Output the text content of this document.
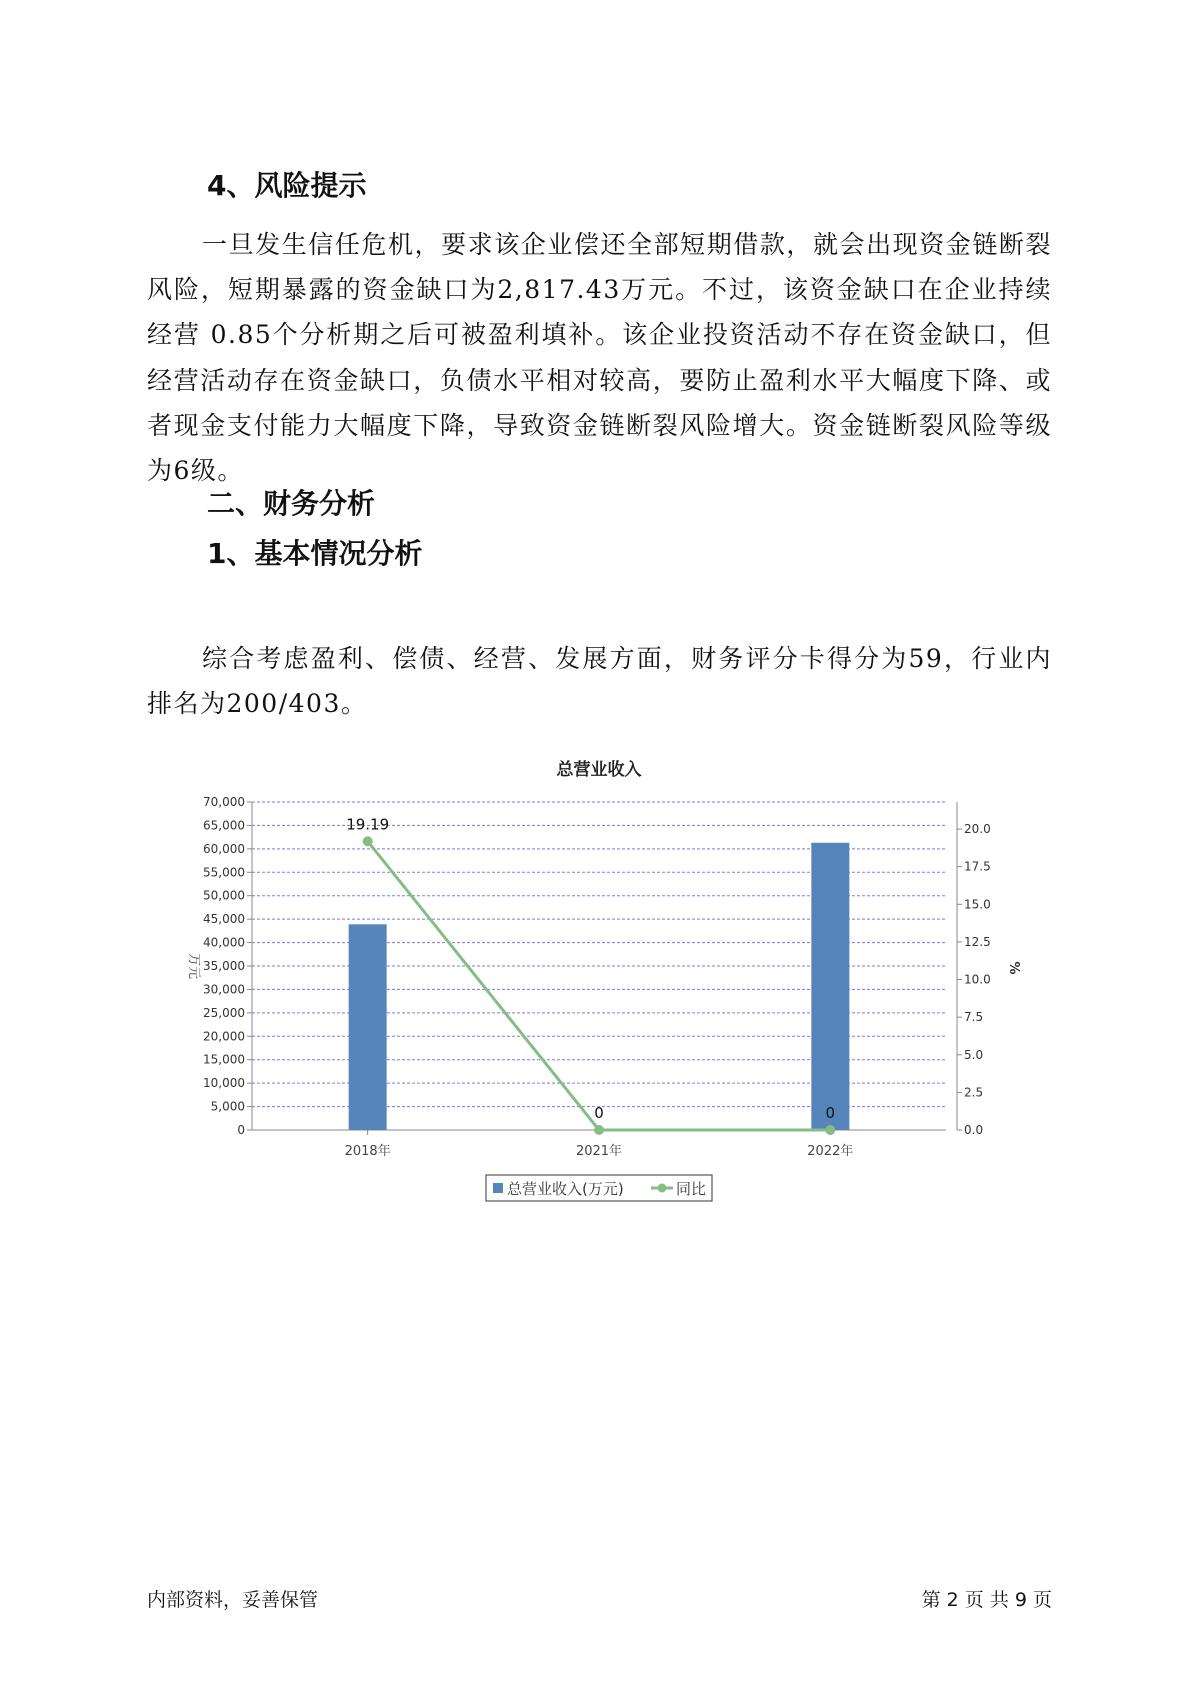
4、风险提示

一旦发生信任危机，要求该企业偿还全部短期借款，就会出现资金链断裂风险，短期暴露的资金缺口为2,817.43万元。不过，该资金缺口在企业持续经营 0.85个分析期之后可被盈利填补。该企业投资活动不存在资金缺口，但经营活动存在资金缺口，负债水平相对较高，要防止盈利水平大幅度下降、或者现金支付能力大幅度下降，导致资金链断裂风险增大。资金链断裂风险等级为6级。

二、财务分析
1、基本情况分析

综合考虑盈利、偿债、经营、发展方面，财务评分卡得分为59，行业内排名为200/403。

总营业收入
0
5,000
10,000
15,000
20,000
25,000
30,000
35,000
40,000
45,000
50,000
55,000
60,000
65,000
70,000
0.0
2.5
5.0
7.5
10.0
12.5
15.0
17.5
20.0
万元	%
2018年	2021年	2022年
19.19
0	0
总营业收入(万元)	同比
内部资料，妥善保管	第 2 页 共 9 页
